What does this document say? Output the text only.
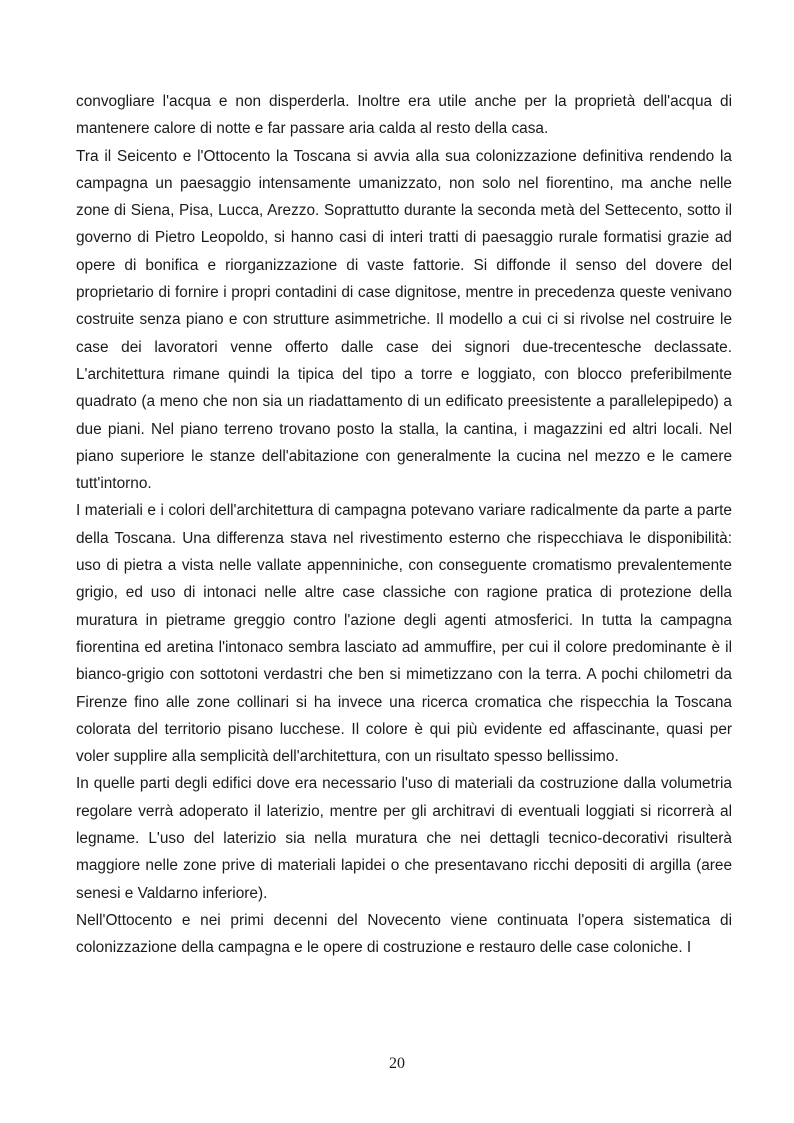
convogliare l'acqua e non disperderla. Inoltre era utile anche per la proprietà dell'acqua di mantenere calore di notte e far passare aria calda al resto della casa.

Tra il Seicento e l'Ottocento la Toscana si avvia alla sua colonizzazione definitiva rendendo la campagna un paesaggio intensamente umanizzato, non solo nel fiorentino, ma anche nelle zone di Siena, Pisa, Lucca, Arezzo. Soprattutto durante la seconda metà del Settecento, sotto il governo di Pietro Leopoldo, si hanno casi di interi tratti di paesaggio rurale formatisi grazie ad opere di bonifica e riorganizzazione di vaste fattorie. Si diffonde il senso del dovere del proprietario di fornire i propri contadini di case dignitose, mentre in precedenza queste venivano costruite senza piano e con strutture asimmetriche. Il modello a cui ci si rivolse nel costruire le case dei lavoratori venne offerto dalle case dei signori due-trecentesche declassate. L'architettura rimane quindi la tipica del tipo a torre e loggiato, con blocco preferibilmente quadrato (a meno che non sia un riadattamento di un edificato preesistente a parallelepipedo) a due piani. Nel piano terreno trovano posto la stalla, la cantina, i magazzini ed altri locali. Nel piano superiore le stanze dell'abitazione con generalmente la cucina nel mezzo e le camere tutt'intorno.

I materiali e i colori dell'architettura di campagna potevano variare radicalmente da parte a parte della Toscana. Una differenza stava nel rivestimento esterno che rispecchiava le disponibilità: uso di pietra a vista nelle vallate appenniniche, con conseguente cromatismo prevalentemente grigio, ed uso di intonaci nelle altre case classiche con ragione pratica di protezione della muratura in pietrame greggio contro l'azione degli agenti atmosferici. In tutta la campagna fiorentina ed aretina l'intonaco sembra lasciato ad ammuffire, per cui il colore predominante è il bianco-grigio con sottotoni verdastri che ben si mimetizzano con la terra. A pochi chilometri da Firenze fino alle zone collinari si ha invece una ricerca cromatica che rispecchia la Toscana colorata del territorio pisano lucchese. Il colore è qui più evidente ed affascinante, quasi per voler supplire alla semplicità dell'architettura, con un risultato spesso bellissimo.

In quelle parti degli edifici dove era necessario l'uso di materiali da costruzione dalla volumetria regolare verrà adoperato il laterizio, mentre per gli architravi di eventuali loggiati si ricorrerà al legname. L'uso del laterizio sia nella muratura che nei dettagli tecnico-decorativi risulterà maggiore nelle zone prive di materiali lapidei o che presentavano ricchi depositi di argilla (aree senesi e Valdarno inferiore).

Nell'Ottocento e nei primi decenni del Novecento viene continuata l'opera sistematica di colonizzazione della campagna e le opere di costruzione e restauro delle case coloniche. I

20
